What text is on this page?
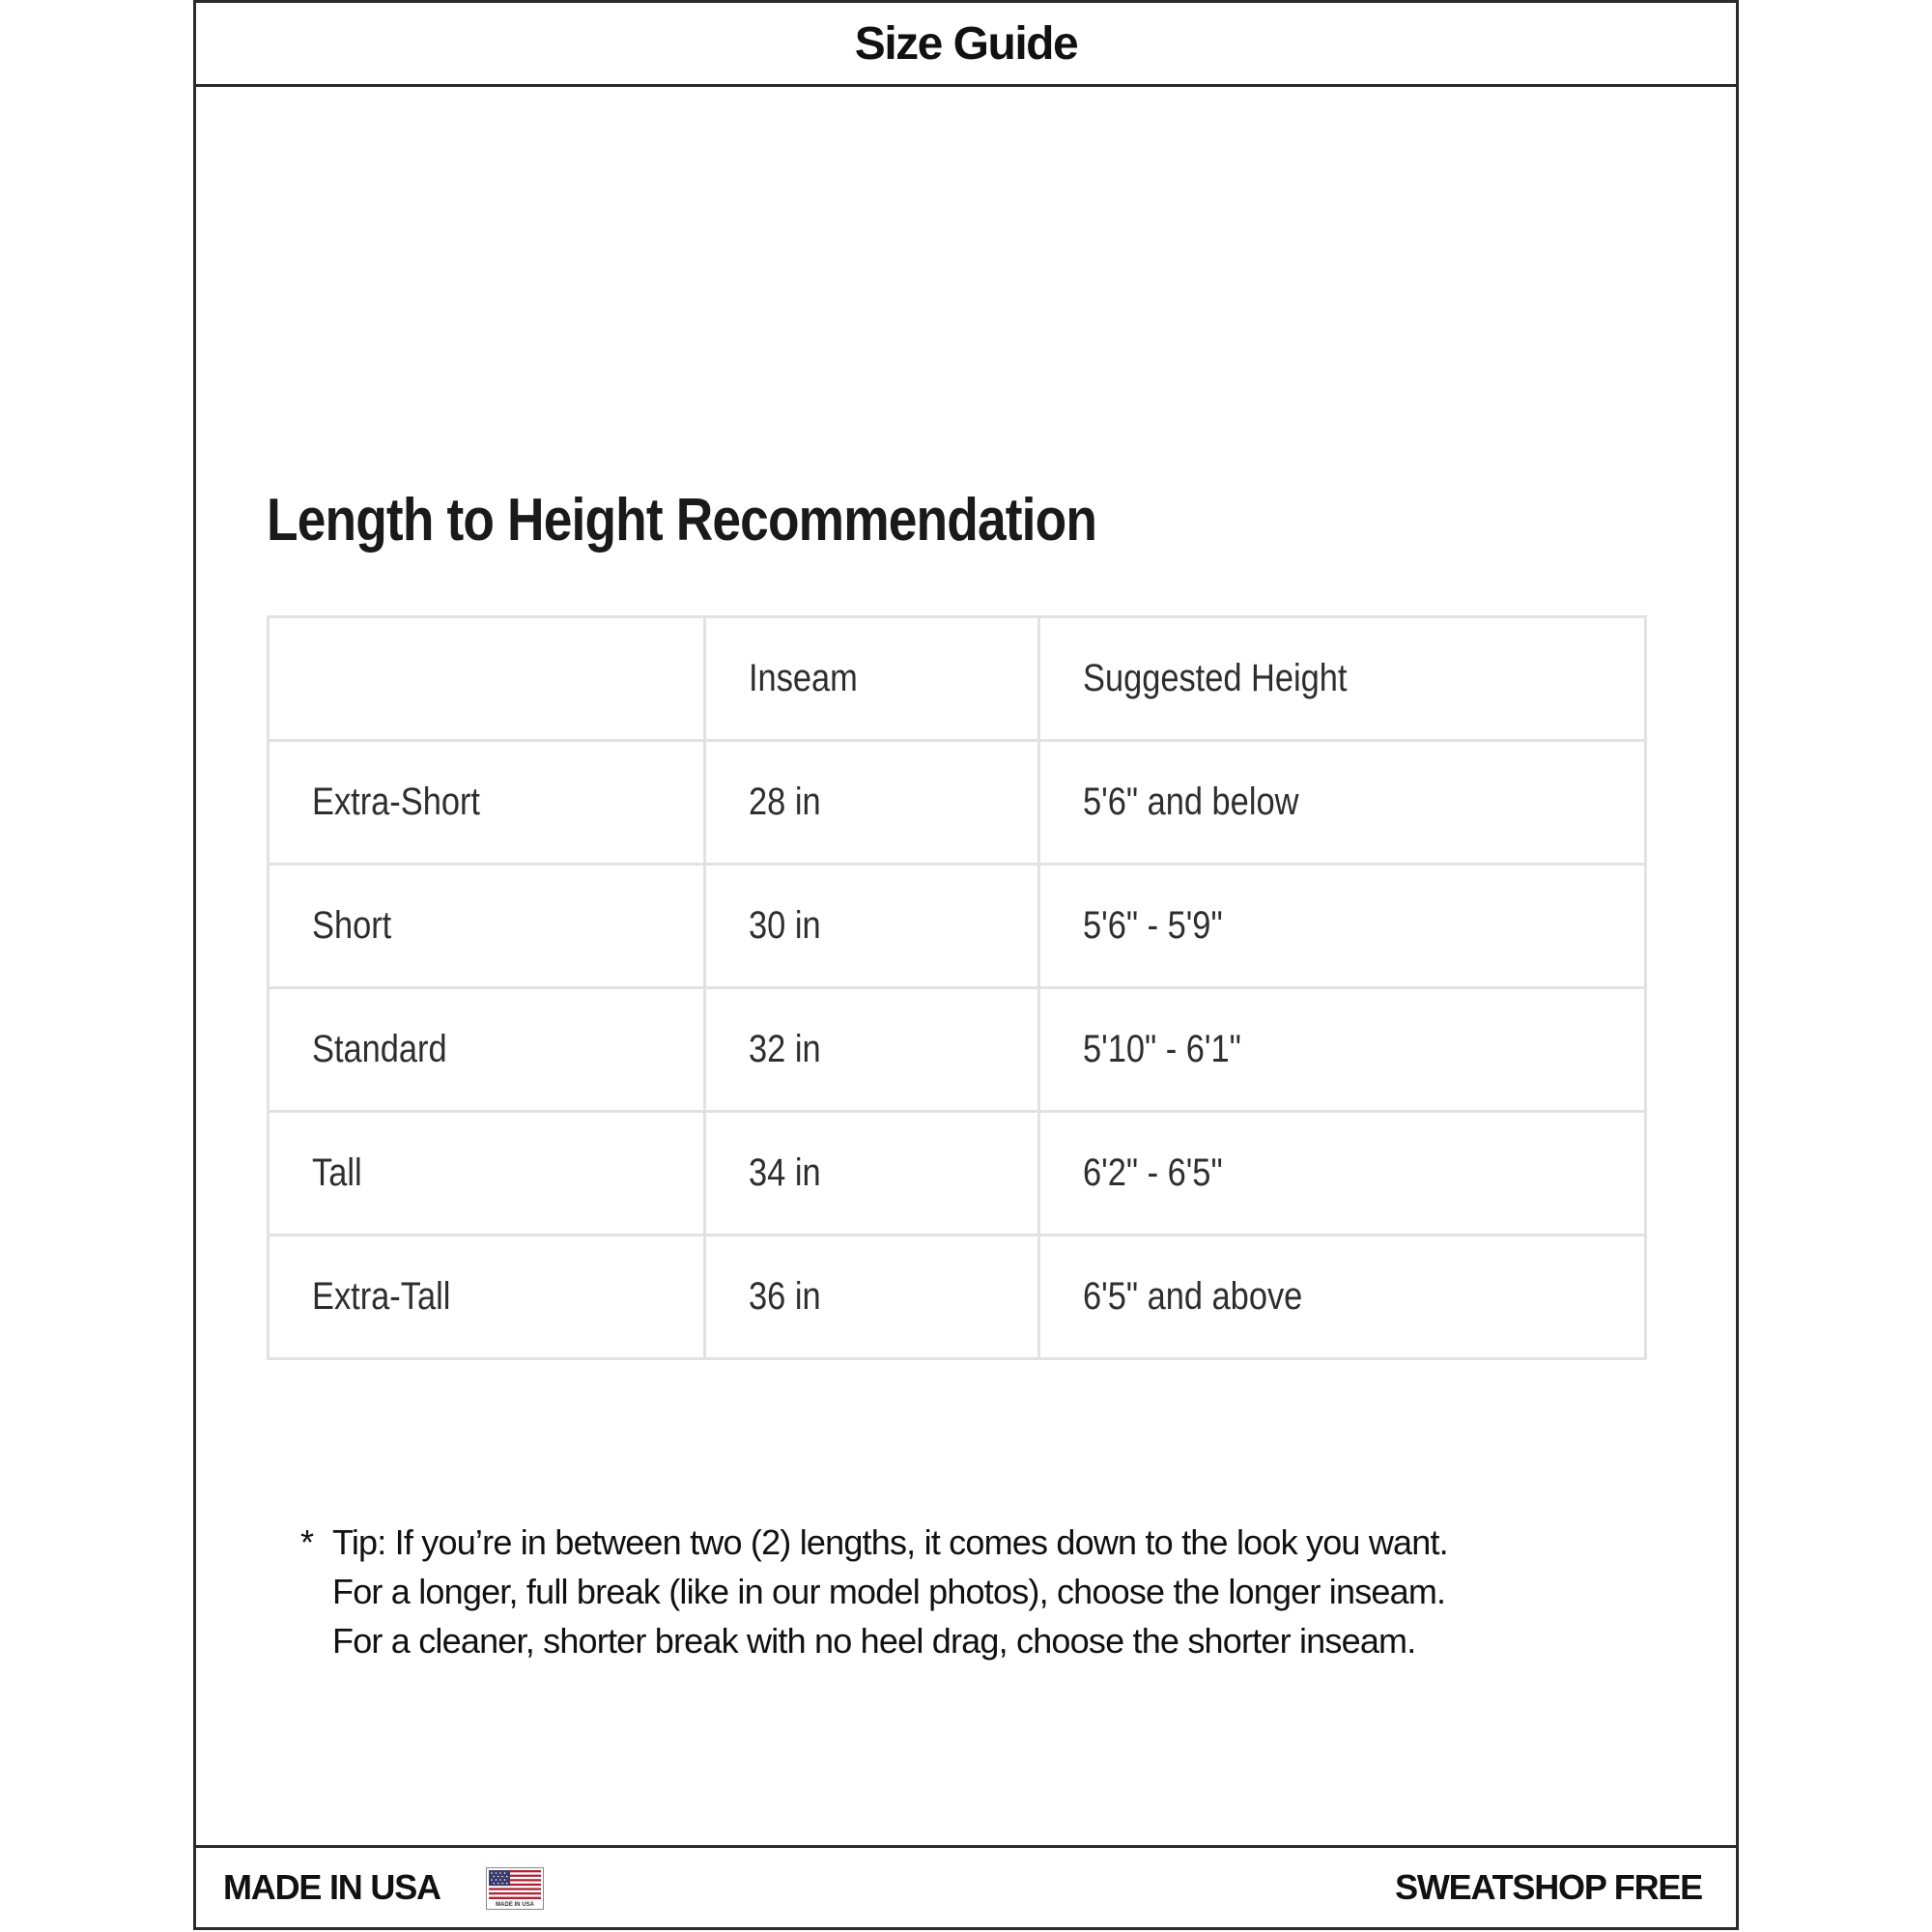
Size Guide
Length to Height Recommendation
	Inseam	Suggested Height
Extra-Short	28 in	5'6" and below
Short	30 in	5'6" - 5'9"
Standard	32 in	5'10" - 6'1"
Tall	34 in	6'2" - 6'5"
Extra-Tall	36 in	6'5" and above
* Tip: If you’re in between two (2) lengths, it comes down to the look you want.
For a longer, full break (like in our model photos), choose the longer inseam.
For a cleaner, shorter break with no heel drag, choose the shorter inseam.
MADE IN USA	MADE IN USA	SWEATSHOP FREE
